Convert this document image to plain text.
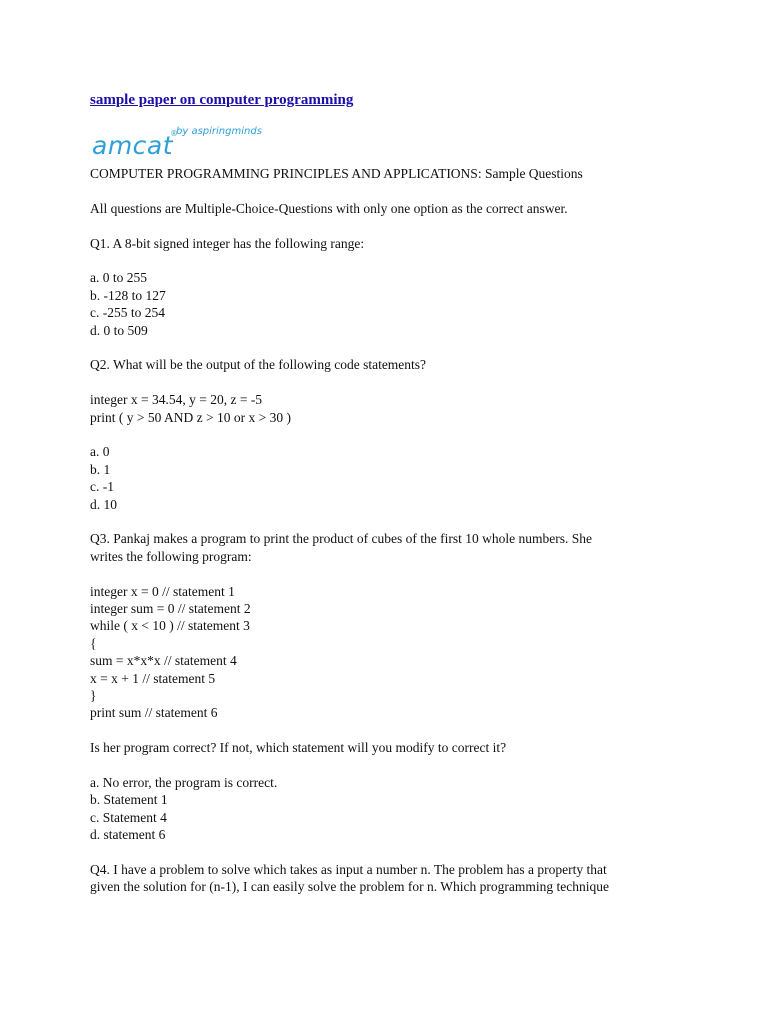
sample paper on computer programming
amcat
®
by aspiringminds

COMPUTER PROGRAMMING PRINCIPLES AND APPLICATIONS: Sample Questions

All questions are Multiple-Choice-Questions with only one option as the correct answer.

Q1. A 8-bit signed integer has the following range:

a. 0 to 255
b. -128 to 127
c. -255 to 254
d. 0 to 509

Q2. What will be the output of the following code statements?

integer x = 34.54, y = 20, z = -5
print ( y > 50 AND z > 10 or x > 30 )
a. 0
b. 1
c. -1
d. 10
Q3. Pankaj makes a program to print the product of cubes of the first 10 whole numbers. She
writes the following program:
integer x = 0 // statement 1
integer sum = 0 // statement 2
while ( x < 10 ) // statement 3
{
sum = x*x*x // statement 4
x = x + 1 // statement 5
}
print sum // statement 6

Is her program correct? If not, which statement will you modify to correct it?

a. No error, the program is correct.
b. Statement 1
c. Statement 4
d. statement 6
Q4. I have a problem to solve which takes as input a number n. The problem has a property that
given the solution for (n-1), I can easily solve the problem for n. Which programming technique
